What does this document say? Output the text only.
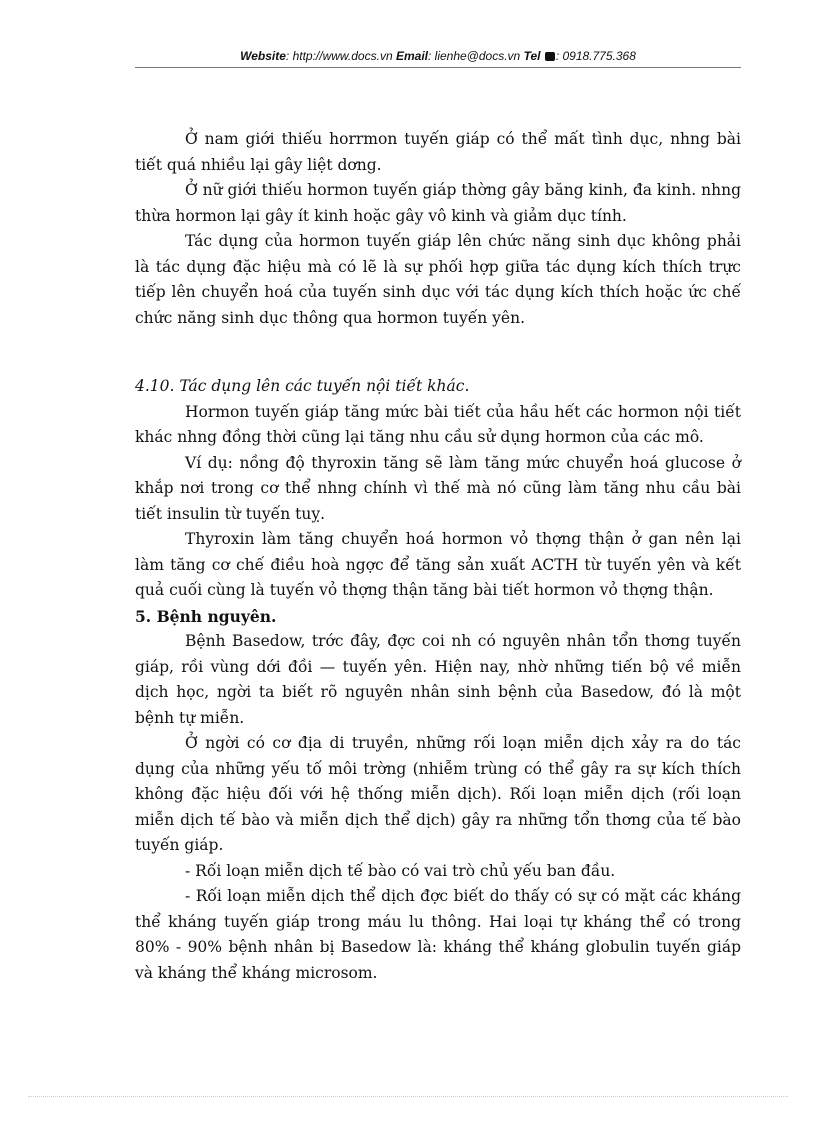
Website: http://www.docs.vn Email: lienhe@docs.vn Tel : 0918.775.368

Ở nam giới thiếu horrmon tuyến giáp có thể mất tình dục, nhng bài tiết quá nhiều lại gây liệt dơng.

Ở nữ giới thiếu hormon tuyến giáp thờng gây băng kinh, đa kinh. nhng thừa hormon lại gây ít kinh hoặc gây vô kinh và giảm dục tính.

Tác dụng của hormon tuyến giáp lên chức năng sinh dục không phải là tác dụng đặc hiệu mà có lẽ là sự phối hợp giữa tác dụng kích thích trực tiếp lên chuyển hoá của tuyến sinh dục với tác dụng kích thích hoặc ức chế chức năng sinh dục thông qua hormon tuyến yên.

4.10. Tác dụng lên các tuyến nội tiết khác.

Hormon tuyến giáp tăng mức bài tiết của hầu hết các hormon nội tiết khác nhng đồng thời cũng lại tăng nhu cầu sử dụng hormon của các mô.

Ví dụ: nồng độ thyroxin tăng sẽ làm tăng mức chuyển hoá glucose ở khắp nơi trong cơ thể nhng chính vì thế mà nó cũng làm tăng nhu cầu bài tiết insulin từ tuyến tuỵ.

Thyroxin làm tăng chuyển hoá hormon vỏ thợng thận ở gan nên lại làm tăng cơ chế điều hoà ngợc để tăng sản xuất ACTH từ tuyến yên và kết quả cuối cùng là tuyến vỏ thợng thận tăng bài tiết hormon vỏ thợng thận.

5. Bệnh nguyên.

Bệnh Basedow, trớc đây, đợc coi nh có nguyên nhân tổn thơng tuyến giáp, rồi vùng dới đồi — tuyến yên. Hiện nay, nhờ những tiến bộ về miễn dịch học, ngời ta biết rõ nguyên nhân sinh bệnh của Basedow, đó là một bệnh tự miễn.

Ở ngời có cơ địa di truyền, những rối loạn miễn dịch xảy ra do tác dụng của những yếu tố môi trờng (nhiễm trùng có thể gây ra sự kích thích không đặc hiệu đối với hệ thống miễn dịch). Rối loạn miễn dịch (rối loạn miễn dịch tế bào và miễn dịch thể dịch) gây ra những tổn thơng của tế bào tuyến giáp.

- Rối loạn miễn dịch tế bào có vai trò chủ yếu ban đầu.

- Rối loạn miễn dịch thể dịch đợc biết do thấy có sự có mặt các kháng thể kháng tuyến giáp trong máu lu thông. Hai loại tự kháng thể có trong 80% - 90% bệnh nhân bị Basedow là: kháng thể kháng globulin tuyến giáp và kháng thể kháng microsom.
